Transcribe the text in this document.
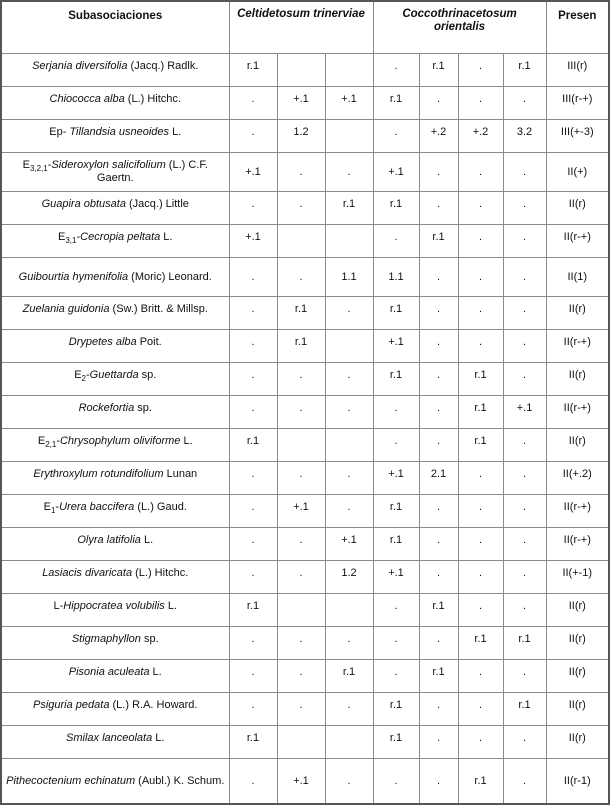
Subasociaciones	Celtidetosum trinerviae			Coccothrinacetosum orientalis				Presen
Serjania diversifolia (Jacq.) Radlk.	r.1			.	r.1	.	r.1	III(r)
Chiococca alba (L.) Hitchc.	.	+.1	+.1	r.1	.	.	.	III(r-+)
Ep- Tillandsia usneoides L.	.	1.2		.	+.2	+.2	3.2	III(+-3)
$E_{3,2,1}$-Sideroxylon salicifolium (L.) C.F. Gaertn.	+.1	.	.	+.1	.	.	.	II(+)
Guapira obtusata (Jacq.) Little	.	.	r.1	r.1	.	.	.	II(r)
$E_{3,1}$-Cecropia peltata L.	+.1			.	r.1	.	.	II(r-+)
Guibourtia hymenifolia (Moric) Leonard.	.	.	1.1	1.1	.	.	.	II(1)
Zuelania guidonia (Sw.) Britt. & Millsp.	.	r.1	.	r.1	.	.	.	II(r)
Drypetes alba Poit.	.	r.1		+.1	.	.	.	II(r-+)
$E_2$-Guettarda sp.	.	.	.	r.1	.	r.1	.	II(r)
Rockefortia sp.	.	.	.	.	.	r.1	+.1	II(r-+)
$E_{2,1}$-Chrysophylum oliviforme L.	r.1			.	.	r.1	.	II(r)
Erythroxylum rotundifolium Lunan	.	.	.	+.1	2.1	.	.	II(+.2)
$E_1$-Urera baccifera (L.) Gaud.	.	+.1	.	r.1	.	.	.	II(r-+)
Olyra latifolia L.	.	.	+.1	r.1	.	.	.	II(r-+)
Lasiacis divaricata (L.) Hitchc.	.	.	1.2	+.1	.	.	.	II(+-1)
L-Hippocratea volubilis L.	r.1			.	r.1	.	.	II(r)
Stigmaphyllon sp.	.	.	.	.	.	r.1	r.1	II(r)
Pisonia aculeata L.	.	.	r.1	.	r.1	.	.	II(r)
Psiguria pedata (L.) R.A. Howard.	.	.	.	r.1	.	.	r.1	II(r)
Smilax lanceolata L.	r.1			r.1	.	.	.	II(r)
Pithecoctenium echinatum (Aubl.) K. Schum.	.	+.1	.	.	.	r.1	.	II(r-1)
